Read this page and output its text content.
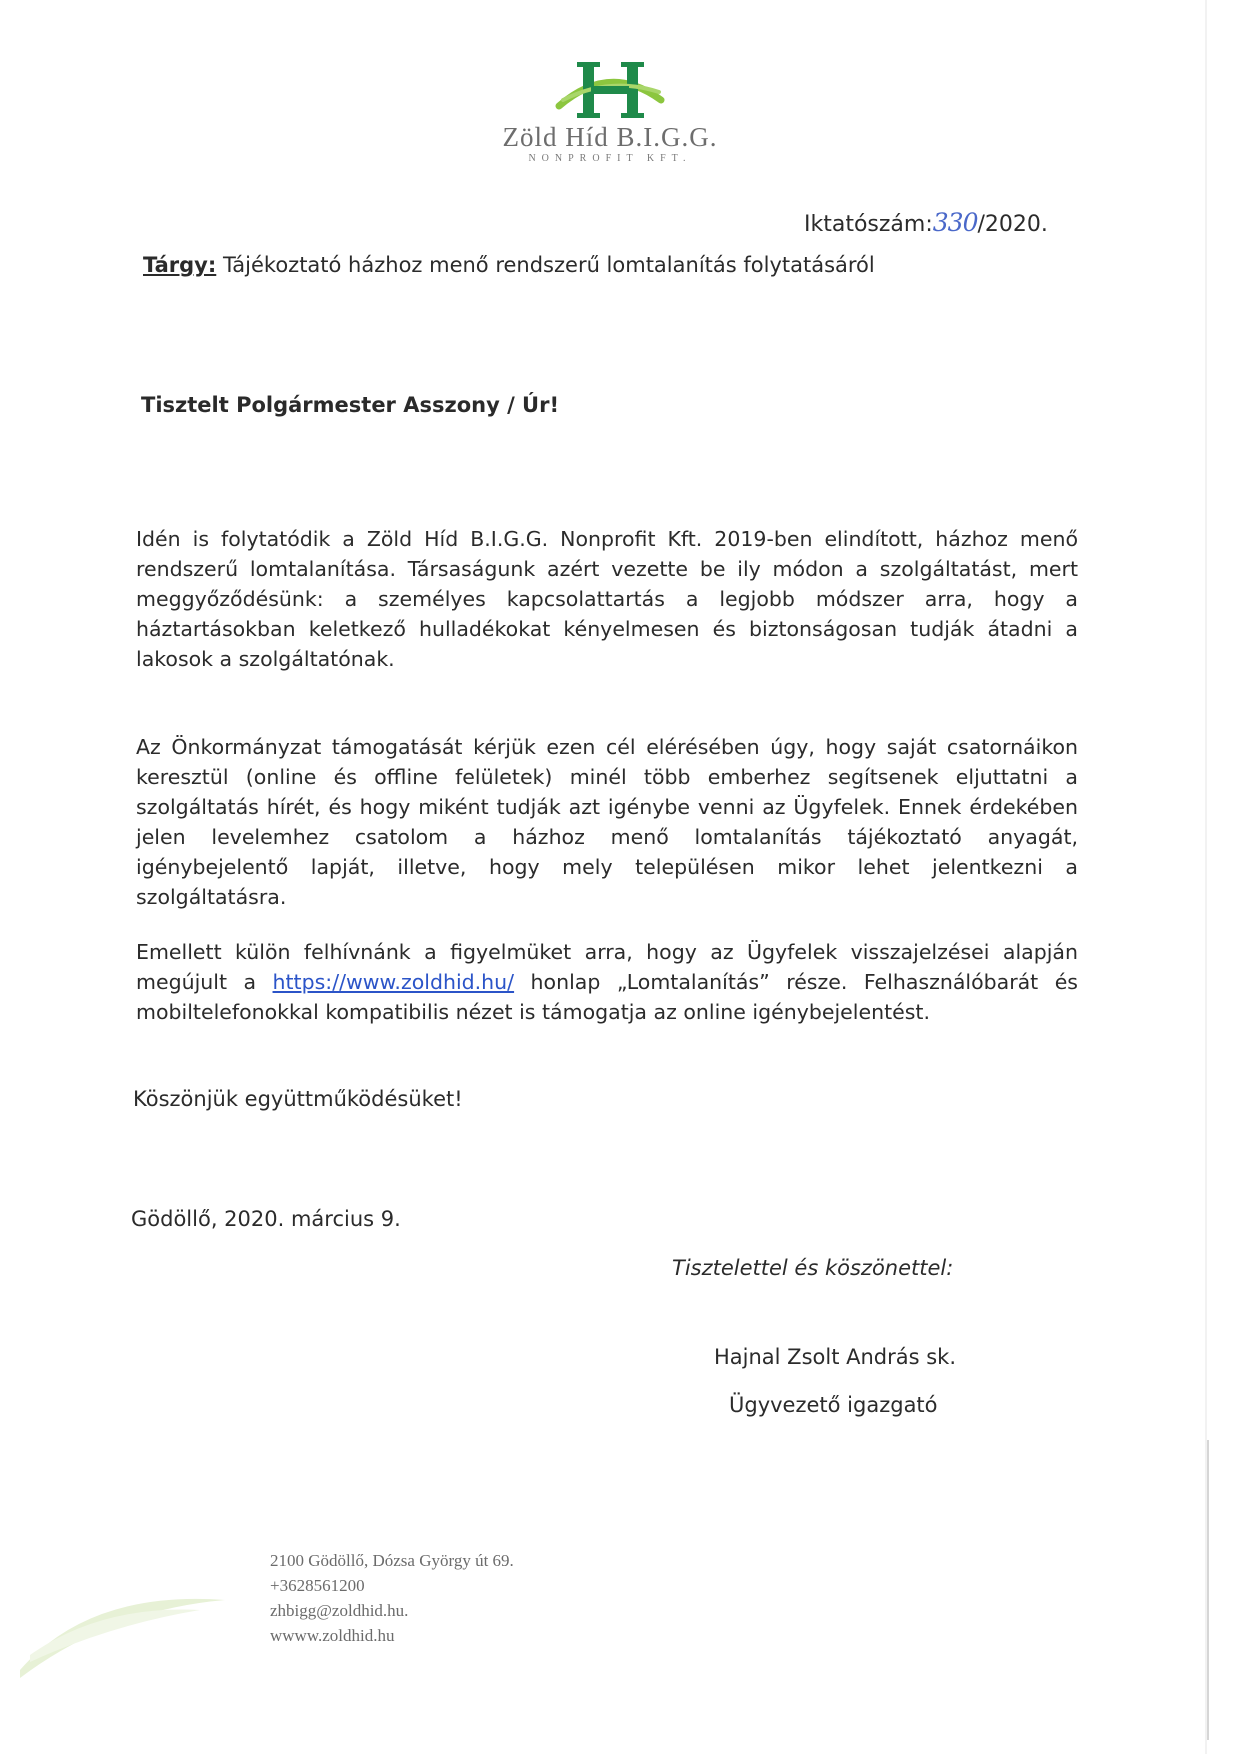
Zöld Híd B.I.G.G.
NONPROFIT KFT.
Iktatószám:330/2020.
Tárgy: Tájékoztató házhoz menő rendszerű lomtalanítás folytatásáról
Tisztelt Polgármester Asszony / Úr!
Idén is folytatódik a Zöld Híd B.I.G.G. Nonprofit Kft. 2019-ben elindított, házhoz menő rendszerű lomtalanítása. Társaságunk azért vezette be ily módon a szolgáltatást, mert meggyőződésünk: a személyes kapcsolattartás a legjobb módszer arra, hogy a háztartásokban keletkező hulladékokat kényelmesen és biztonságosan tudják átadni a lakosok a szolgáltatónak.
Az Önkormányzat támogatását kérjük ezen cél elérésében úgy, hogy saját csatornáikon keresztül (online és offline felületek) minél több emberhez segítsenek eljuttatni a szolgáltatás hírét, és hogy miként tudják azt igénybe venni az Ügyfelek. Ennek érdekében jelen levelemhez csatolom a házhoz menő lomtalanítás tájékoztató anyagát, igénybejelentő lapját, illetve, hogy mely településen mikor lehet jelentkezni a szolgáltatásra.
Emellett külön felhívnánk a figyelmüket arra, hogy az Ügyfelek visszajelzései alapján megújult a https://www.zoldhid.hu/ honlap „Lomtalanítás” része. Felhasználóbarát és mobiltelefonokkal kompatibilis nézet is támogatja az online igénybejelentést.
Köszönjük együttműködésüket!
Gödöllő, 2020. március 9.
Tisztelettel és köszönettel:
Hajnal Zsolt András sk.
Ügyvezető igazgató
2100 Gödöllő, Dózsa György út 69.
+3628561200
zhbigg@zoldhid.hu.
wwww.zoldhid.hu
